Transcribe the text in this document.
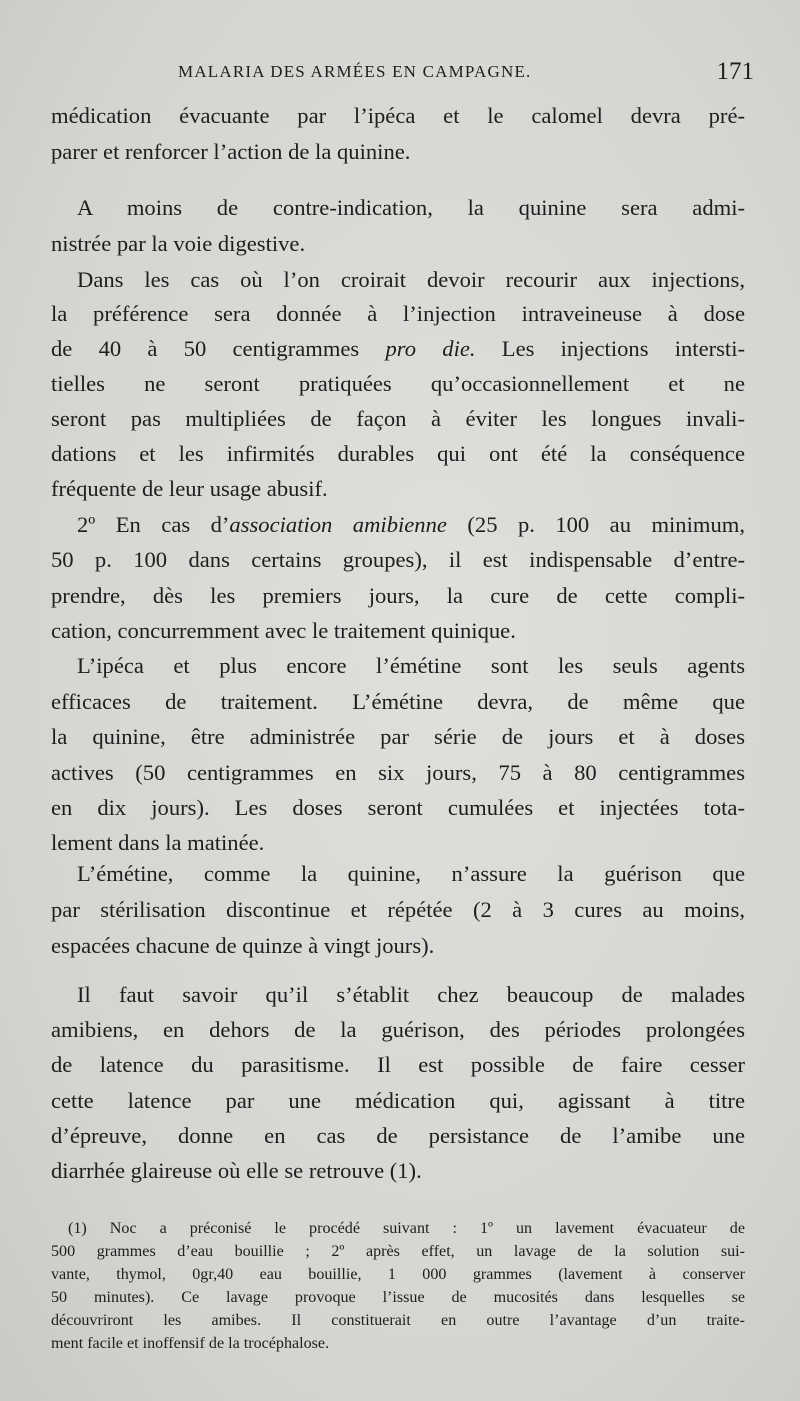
MALARIA DES ARMÉES EN CAMPAGNE.	171
médication évacuante par l’ipéca et le calomel devra pré-
parer et renforcer l’action de la quinine.
A moins de contre-indication, la quinine sera admi-
nistrée par la voie digestive.
Dans les cas où l’on croirait devoir recourir aux injections,
la préférence sera donnée à l’injection intraveineuse à dose
de 40 à 50 centigrammes pro die. Les injections intersti-
tielles ne seront pratiquées qu’occasionnellement et ne
seront pas multipliées de façon à éviter les longues invali-
dations et les infirmités durables qui ont été la conséquence
fréquente de leur usage abusif.
2º En cas d’association amibienne (25 p. 100 au minimum,
50 p. 100 dans certains groupes), il est indispensable d’entre-
prendre, dès les premiers jours, la cure de cette compli-
cation, concurremment avec le traitement quinique.
L’ipéca et plus encore l’émétine sont les seuls agents
efficaces de traitement. L’émétine devra, de même que
la quinine, être administrée par série de jours et à doses
actives (50 centigrammes en six jours, 75 à 80 centigrammes
en dix jours). Les doses seront cumulées et injectées tota-
lement dans la matinée.
L’émétine, comme la quinine, n’assure la guérison que
par stérilisation discontinue et répétée (2 à 3 cures au moins,
espacées chacune de quinze à vingt jours).
Il faut savoir qu’il s’établit chez beaucoup de malades
amibiens, en dehors de la guérison, des périodes prolongées
de latence du parasitisme. Il est possible de faire cesser
cette latence par une médication qui, agissant à titre
d’épreuve, donne en cas de persistance de l’amibe une
diarrhée glaireuse où elle se retrouve (1).
(1) Noc a préconisé le procédé suivant : 1º un lavement évacuateur de
500 grammes d’eau bouillie ; 2º après effet, un lavage de la solution sui-
vante, thymol, 0gr,40 eau bouillie, 1 000 grammes (lavement à conserver
50 minutes). Ce lavage provoque l’issue de mucosités dans lesquelles se
découvriront les amibes. Il constituerait en outre l’avantage d’un traite-
ment facile et inoffensif de la trocéphalose.
